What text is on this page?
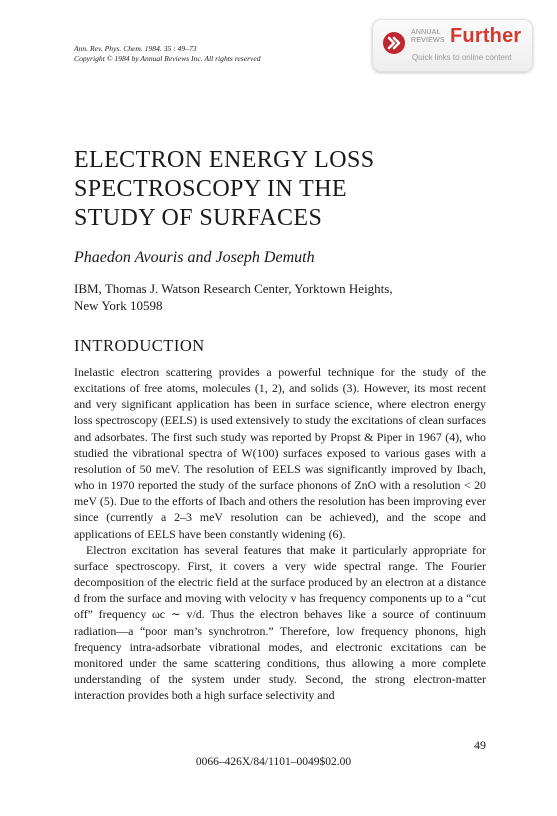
Ann. Rev. Phys. Chem. 1984. 35 : 49–73
Copyright © 1984 by Annual Reviews Inc. All rights reserved
ANNUAL
REVIEWS Further
Quick links to online content
ELECTRON ENERGY LOSS
SPECTROSCOPY IN THE
STUDY OF SURFACES
Phaedon Avouris and Joseph Demuth
IBM, Thomas J. Watson Research Center, Yorktown Heights,
New York 10598
INTRODUCTION

Inelastic electron scattering provides a powerful technique for the study of the excitations of free atoms, molecules (1, 2), and solids (3). However, its most recent and very significant application has been in surface science, where electron energy loss spectroscopy (EELS) is used extensively to study the excitations of clean surfaces and adsorbates. The first such study was reported by Propst & Piper in 1967 (4), who studied the vibrational spectra of W(100) surfaces exposed to various gases with a resolution of 50 meV. The resolution of EELS was significantly improved by Ibach, who in 1970 reported the study of the surface phonons of ZnO with a resolution < 20 meV (5). Due to the efforts of Ibach and others the resolution has been improving ever since (currently a 2–3 meV resolution can be achieved), and the scope and applications of EELS have been constantly widening (6).

Electron excitation has several features that make it particularly appropriate for surface spectroscopy. First, it covers a very wide spectral range. The Fourier decomposition of the electric field at the surface produced by an electron at a distance d from the surface and moving with velocity v has frequency components up to a “cut off” frequency ωc ∼ v/d. Thus the electron behaves like a source of continuum radiation—a “poor man’s synchrotron.” Therefore, low frequency phonons, high frequency intra-adsorbate vibrational modes, and electronic excitations can be monitored under the same scattering conditions, thus allowing a more complete understanding of the system under study. Second, the strong electron-matter interaction provides both a high surface selectivity and

49
0066–426X/84/1101–0049$02.00
